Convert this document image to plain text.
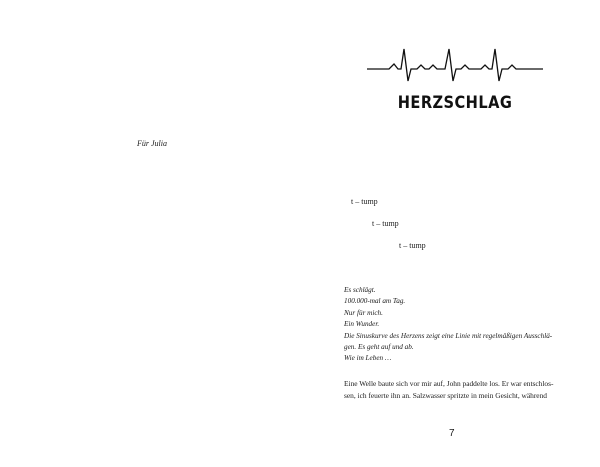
Für Julia
HERZSCHLAG
t – tump
t – tump
t – tump
Es schlägt.
100.000-mal am Tag.
Nur für mich.
Ein Wunder.
Die Sinuskurve des Herzens zeigt eine Linie mit regelmäßigen Ausschlä-
gen. Es geht auf und ab.
Wie im Leben …
Eine Welle baute sich vor mir auf, John paddelte los. Er war entschlos-
sen, ich feuerte ihn an. Salzwasser spritzte in mein Gesicht, während
7
